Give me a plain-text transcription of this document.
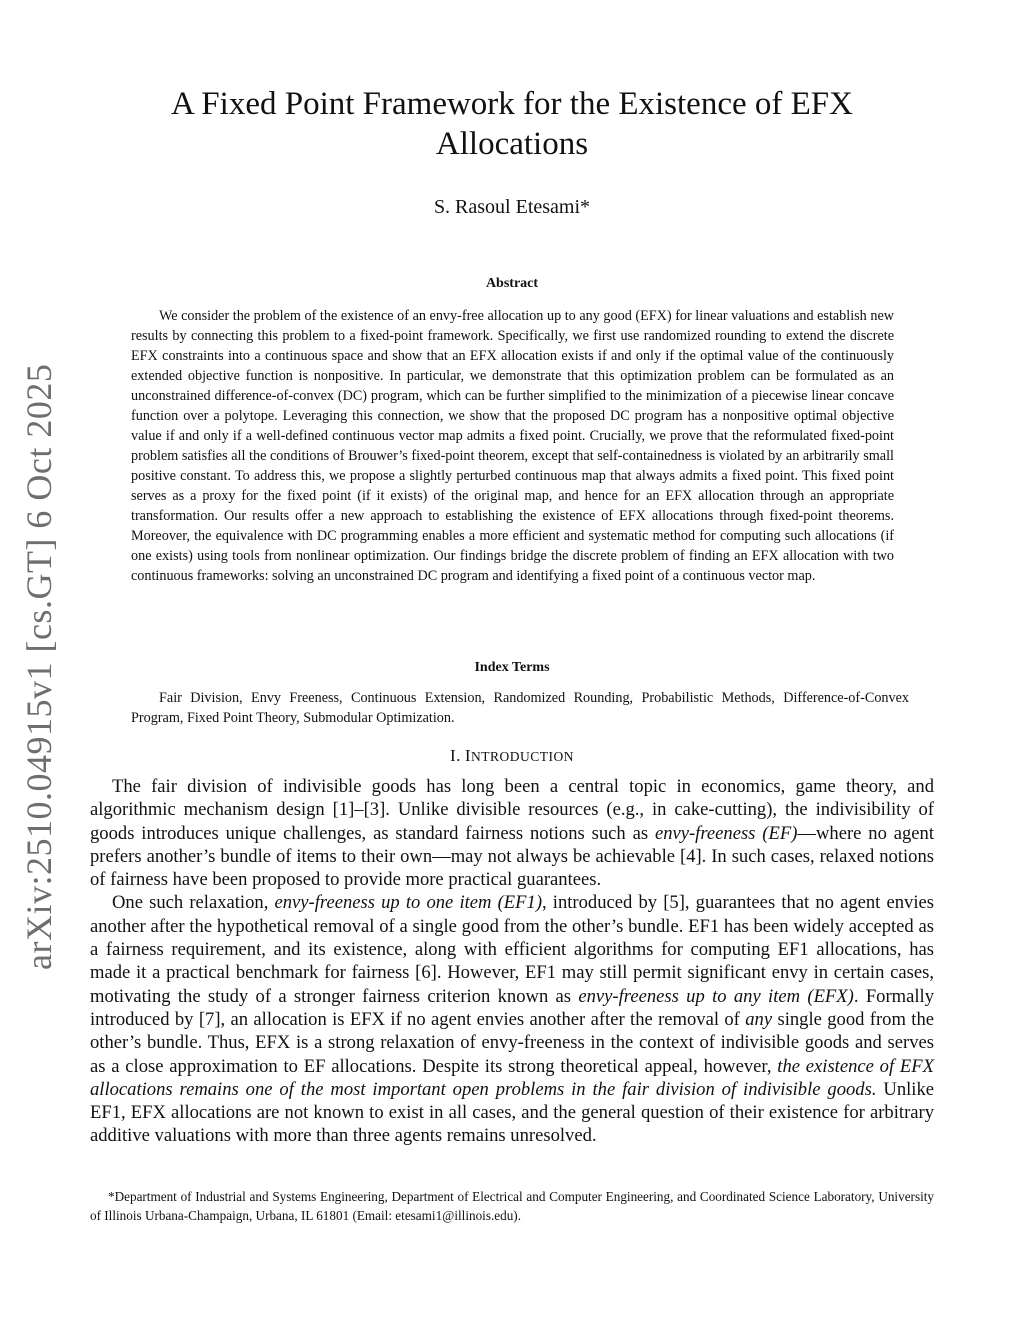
arXiv:2510.04915v1 [cs.GT] 6 Oct 2025
A Fixed Point Framework for the Existence of EFX Allocations
S. Rasoul Etesami*
Abstract

We consider the problem of the existence of an envy-free allocation up to any good (EFX) for linear valuations and establish new results by connecting this problem to a fixed-point framework. Specifically, we first use randomized rounding to extend the discrete EFX constraints into a continuous space and show that an EFX allocation exists if and only if the optimal value of the continuously extended objective function is nonpositive. In particular, we demonstrate that this optimization problem can be formulated as an unconstrained difference-of-convex (DC) program, which can be further simplified to the minimization of a piecewise linear concave function over a polytope. Leveraging this connection, we show that the proposed DC program has a nonpositive optimal objective value if and only if a well-defined continuous vector map admits a fixed point. Crucially, we prove that the reformulated fixed-point problem satisfies all the conditions of Brouwer’s fixed-point theorem, except that self-containedness is violated by an arbitrarily small positive constant. To address this, we propose a slightly perturbed continuous map that always admits a fixed point. This fixed point serves as a proxy for the fixed point (if it exists) of the original map, and hence for an EFX allocation through an appropriate transformation. Our results offer a new approach to establishing the existence of EFX allocations through fixed-point theorems. Moreover, the equivalence with DC programming enables a more efficient and systematic method for computing such allocations (if one exists) using tools from nonlinear optimization. Our findings bridge the discrete problem of finding an EFX allocation with two continuous frameworks: solving an unconstrained DC program and identifying a fixed point of a continuous vector map.

Index Terms

Fair Division, Envy Freeness, Continuous Extension, Randomized Rounding, Probabilistic Methods, Difference-of-Convex Program, Fixed Point Theory, Submodular Optimization.

I. INTRODUCTION

The fair division of indivisible goods has long been a central topic in economics, game theory, and algorithmic mechanism design [1]–[3]. Unlike divisible resources (e.g., in cake-cutting), the indivisibility of goods introduces unique challenges, as standard fairness notions such as envy-freeness (EF)—where no agent prefers another’s bundle of items to their own—may not always be achievable [4]. In such cases, relaxed notions of fairness have been proposed to provide more practical guarantees.

One such relaxation, envy-freeness up to one item (EF1), introduced by [5], guarantees that no agent envies another after the hypothetical removal of a single good from the other’s bundle. EF1 has been widely accepted as a fairness requirement, and its existence, along with efficient algorithms for computing EF1 allocations, has made it a practical benchmark for fairness [6]. However, EF1 may still permit significant envy in certain cases, motivating the study of a stronger fairness criterion known as envy-freeness up to any item (EFX). Formally introduced by [7], an allocation is EFX if no agent envies another after the removal of any single good from the other’s bundle. Thus, EFX is a strong relaxation of envy-freeness in the context of indivisible goods and serves as a close approximation to EF allocations. Despite its strong theoretical appeal, however, the existence of EFX allocations remains one of the most important open problems in the fair division of indivisible goods. Unlike EF1, EFX allocations are not known to exist in all cases, and the general question of their existence for arbitrary additive valuations with more than three agents remains unresolved.

*Department of Industrial and Systems Engineering, Department of Electrical and Computer Engineering, and Coordinated Science Laboratory, University of Illinois Urbana-Champaign, Urbana, IL 61801 (Email: etesami1@illinois.edu).
